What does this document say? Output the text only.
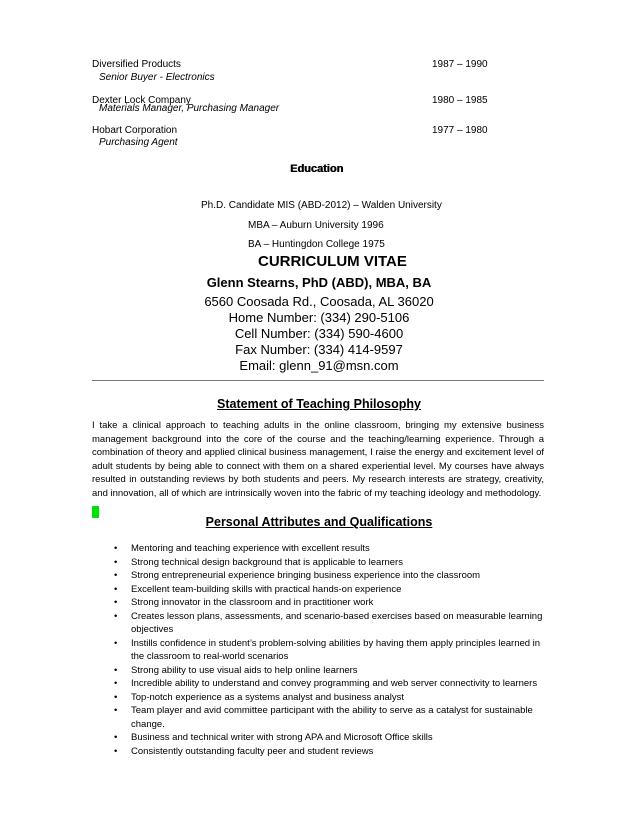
Diversified Products	1987 – 1990
Senior Buyer - Electronics
Dexter Lock Company	1980 – 1985
Materials Manager, Purchasing Manager
Hobart Corporation	1977 – 1980
Purchasing Agent
Education
Ph.D. Candidate MIS (ABD-2012) – Walden University
MBA – Auburn University 1996
BA – Huntingdon College 1975
CURRICULUM VITAE
Glenn Stearns, PhD (ABD), MBA, BA
6560 Coosada Rd., Coosada, AL 36020
Home Number: (334) 290-5106
Cell Number: (334) 590-4600
Fax Number: (334) 414-9597
Email: glenn_91@msn.com
Statement of Teaching Philosophy
I take a clinical approach to teaching adults in the online classroom, bringing my extensive business management background into the core of the course and the teaching/learning experience. Through a combination of theory and applied clinical business management, I raise the energy and excitement level of adult students by being able to connect with them on a shared experiential level. My courses have always resulted in outstanding reviews by both students and peers. My research interests are strategy, creativity, and innovation, all of which are intrinsically woven into the fabric of my teaching ideology and methodology.
Personal Attributes and Qualifications
• Mentoring and teaching experience with excellent results
• Strong technical design background that is applicable to learners
• Strong entrepreneurial experience bringing business experience into the classroom
• Excellent team-building skills with practical hands-on experience
• Strong innovator in the classroom and in practitioner work
• Creates lesson plans, assessments, and scenario-based exercises based on measurable learning objectives
• Instills confidence in student’s problem-solving abilities by having them apply principles learned in the classroom to real-world scenarios
• Strong ability to use visual aids to help online learners
• Incredible ability to understand and convey programming and web server connectivity to learners
• Top-notch experience as a systems analyst and business analyst
• Team player and avid committee participant with the ability to serve as a catalyst for sustainable change.
• Business and technical writer with strong APA and Microsoft Office skills
• Consistently outstanding faculty peer and student reviews
